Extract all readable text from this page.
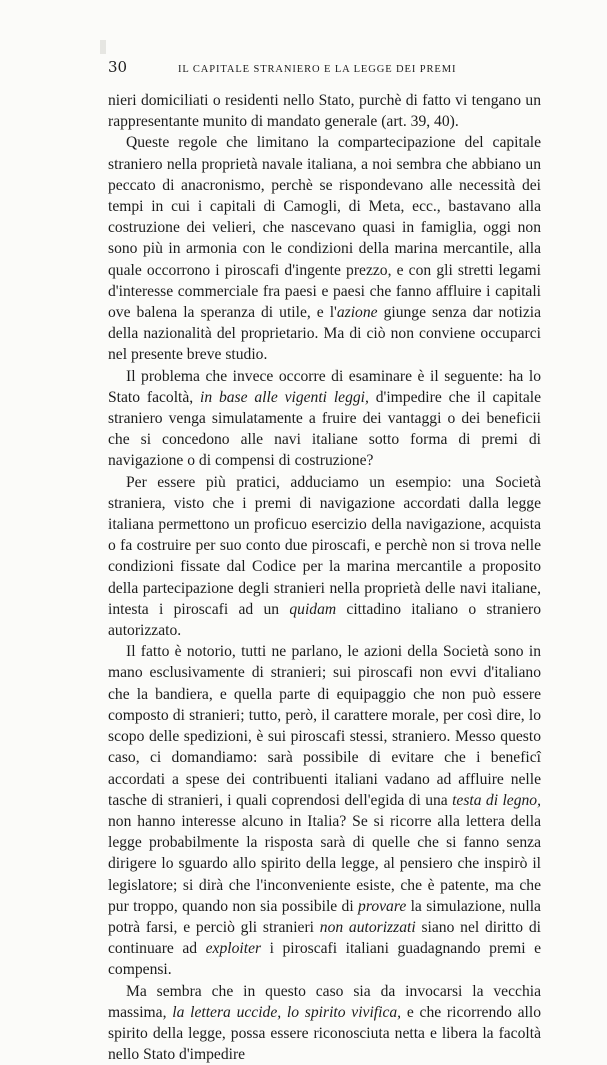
30	IL CAPITALE STRANIERO E LA LEGGE DEI PREMI

nieri domiciliati o residenti nello Stato, purchè di fatto vi tengano un rappresentante munito di mandato generale (art. 39, 40).

Queste regole che limitano la compartecipazione del capitale straniero nella proprietà navale italiana, a noi sembra che abbiano un peccato di anacronismo, perchè se rispondevano alle necessità dei tempi in cui i capitali di Camogli, di Meta, ecc., bastavano alla costruzione dei velieri, che nascevano quasi in famiglia, oggi non sono più in armonia con le condizioni della marina mercantile, alla quale occorrono i piroscafi d'ingente prezzo, e con gli stretti legami d'interesse commerciale fra paesi e paesi che fanno affluire i capitali ove balena la speranza di utile, e l'azione giunge senza dar notizia della nazionalità del proprietario. Ma di ciò non conviene occuparci nel presente breve studio.

Il problema che invece occorre di esaminare è il seguente: ha lo Stato facoltà, in base alle vigenti leggi, d'impedire che il capitale straniero venga simulatamente a fruire dei vantaggi o dei beneficii che si concedono alle navi italiane sotto forma di premi di navigazione o di compensi di costruzione?

Per essere più pratici, adduciamo un esempio: una Società straniera, visto che i premi di navigazione accordati dalla legge italiana permettono un proficuo esercizio della navigazione, acquista o fa costruire per suo conto due piroscafi, e perchè non si trova nelle condizioni fissate dal Codice per la marina mercantile a proposito della partecipazione degli stranieri nella proprietà delle navi italiane, intesta i piroscafi ad un quidam cittadino italiano o straniero autorizzato.

Il fatto è notorio, tutti ne parlano, le azioni della Società sono in mano esclusivamente di stranieri; sui piroscafi non evvi d'italiano che la bandiera, e quella parte di equipaggio che non può essere composto di stranieri; tutto, però, il carattere morale, per così dire, lo scopo delle spedizioni, è sui piroscafi stessi, straniero. Messo questo caso, ci domandiamo: sarà possibile di evitare che i beneficî accordati a spese dei contribuenti italiani vadano ad affluire nelle tasche di stranieri, i quali coprendosi dell'egida di una testa di legno, non hanno interesse alcuno in Italia? Se si ricorre alla lettera della legge probabilmente la risposta sarà di quelle che si fanno senza dirigere lo sguardo allo spirito della legge, al pensiero che inspirò il legislatore; si dirà che l'inconveniente esiste, che è patente, ma che pur troppo, quando non sia possibile di provare la simulazione, nulla potrà farsi, e perciò gli stranieri non autorizzati siano nel diritto di continuare ad exploiter i piroscafi italiani guadagnando premi e compensi.

Ma sembra che in questo caso sia da invocarsi la vecchia massima, la lettera uccide, lo spirito vivifica, e che ricorrendo allo spirito della legge, possa essere riconosciuta netta e libera la facoltà nello Stato d'impedire
